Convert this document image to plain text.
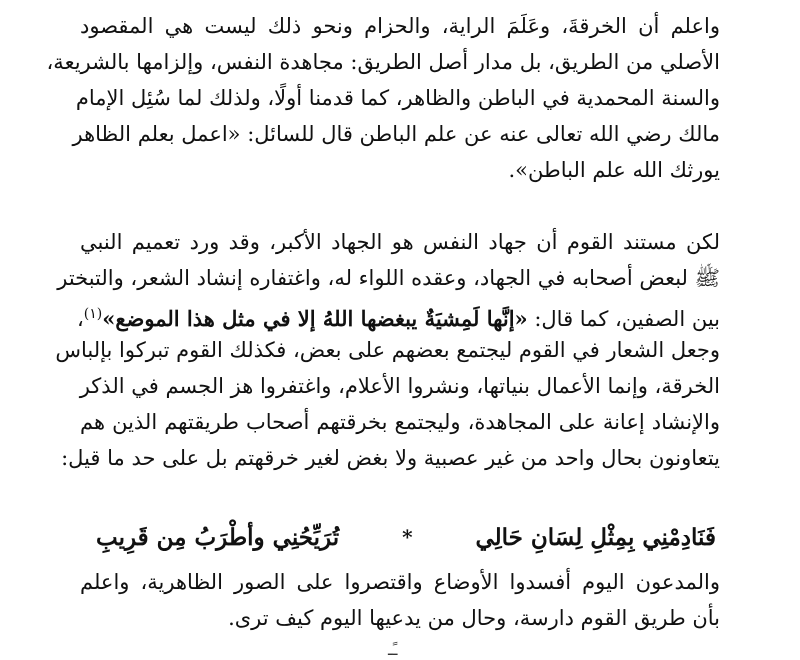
واعلم أن الخرقةَ، وعَلَمَ الراية، والحزام ونحو ذلك ليست هي المقصود
الأصلي من الطريق، بل مدار أصل الطريق: مجاهدة النفس، وإلزامها بالشريعة،
والسنة المحمدية في الباطن والظاهر، كما قدمنا أولًا، ولذلك لما سُئِل الإمام
مالك رضي الله تعالى عنه عن علم الباطن قال للسائل: «اعمل بعلم الظاهر
يورثك الله علم الباطن».
لكن مستند القوم أن جهاد النفس هو الجهاد الأكبر، وقد ورد تعميم النبي
ﷺ لبعض أصحابه في الجهاد، وعقده اللواء له، واغتفاره إنشاد الشعر، والتبختر
بين الصفين، كما قال: «إنَّها لَمِشيَةٌ يبغضها اللهُ إلا في مثل هذا الموضع»$^{(١)}$،
وجعل الشعار في القوم ليجتمع بعضهم على بعض، فكذلك القوم تبركوا بإلباس
الخرقة، وإنما الأعمال بنياتها، ونشروا الأعلام، واغتفروا هز الجسم في الذكر
والإنشاد إعانة على المجاهدة، وليجتمع بخرقتهم أصحاب طريقتهم الذين هم
يتعاونون بحال واحد من غير عصبية ولا بغض لغير خرقهتم بل على حد ما قيل:
فَنَادِمْنِي بِمِثْلِ لِسَانِ حَالِي
*
تُرَيِّحُنِي وأطْرَبُ مِن قَرِيبِ
والمدعون اليوم أفسدوا الأوضاع واقتصروا على الصور الظاهرية، واعلم
بأن طريق القوم دارسة، وحال من يدعيها اليوم كيف ترى.
ـًـ
